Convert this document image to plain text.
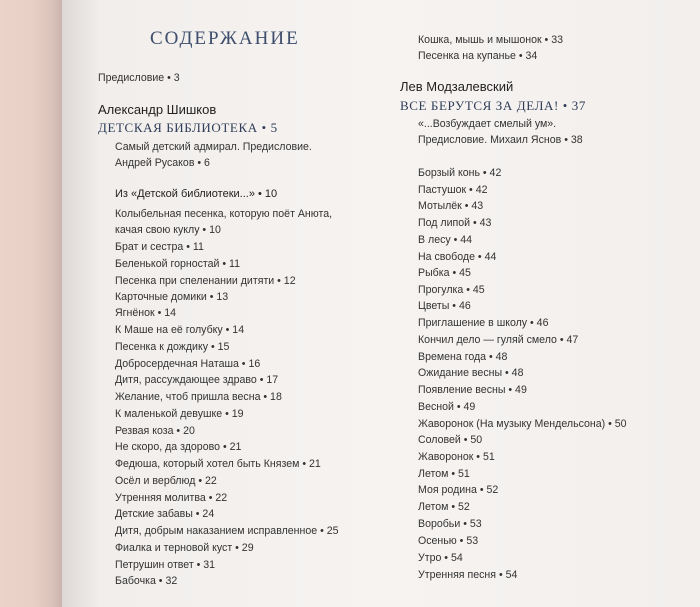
СОДЕРЖАНИЕ
Предисловие • 3
Александр Шишков
ДЕТСКАЯ БИБЛИОТЕКА • 5
Самый детский адмирал. Предисловие.
Андрей Русаков • 6
Из «Детской библиотеки...» • 10
Колыбельная песенка, которую поёт Анюта,
качая свою куклу • 10
Брат и сестра • 11
Беленькой горностай • 11
Песенка при спеленании дитяти • 12
Карточные домики • 13
Ягнёнок • 14
К Маше на её голубку • 14
Песенка к дождику • 15
Добросердечная Наташа • 16
Дитя, рассуждающее здраво • 17
Желание, чтоб пришла весна • 18
К маленькой девушке • 19
Резвая коза • 20
Не скоро, да здорово • 21
Федюша, который хотел быть Князем • 21
Осёл и верблюд • 22
Утренняя молитва • 22
Детские забавы • 24
Дитя, добрым наказанием исправленное • 25
Фиалка и терновой куст • 29
Петрушин ответ • 31
Бабочка • 32
Кошка, мышь и мышонок • 33
Песенка на купанье • 34
Лев Модзалевский
ВСЕ БЕРУТСЯ ЗА ДЕЛА! • 37
«...Возбуждает смелый ум».
Предисловие. Михаил Яснов • 38
Борзый конь • 42
Пастушок • 42
Мотылёк • 43
Под липой • 43
В лесу • 44
На свободе • 44
Рыбка • 45
Прогулка • 45
Цветы • 46
Приглашение в школу • 46
Кончил дело — гуляй смело • 47
Времена года • 48
Ожидание весны • 48
Появление весны • 49
Весной • 49
Жаворонок (На музыку Мендельсона) • 50
Соловей • 50
Жаворонок • 51
Летом • 51
Моя родина • 52
Летом • 52
Воробьи • 53
Осенью • 53
Утро • 54
Утренняя песня • 54
